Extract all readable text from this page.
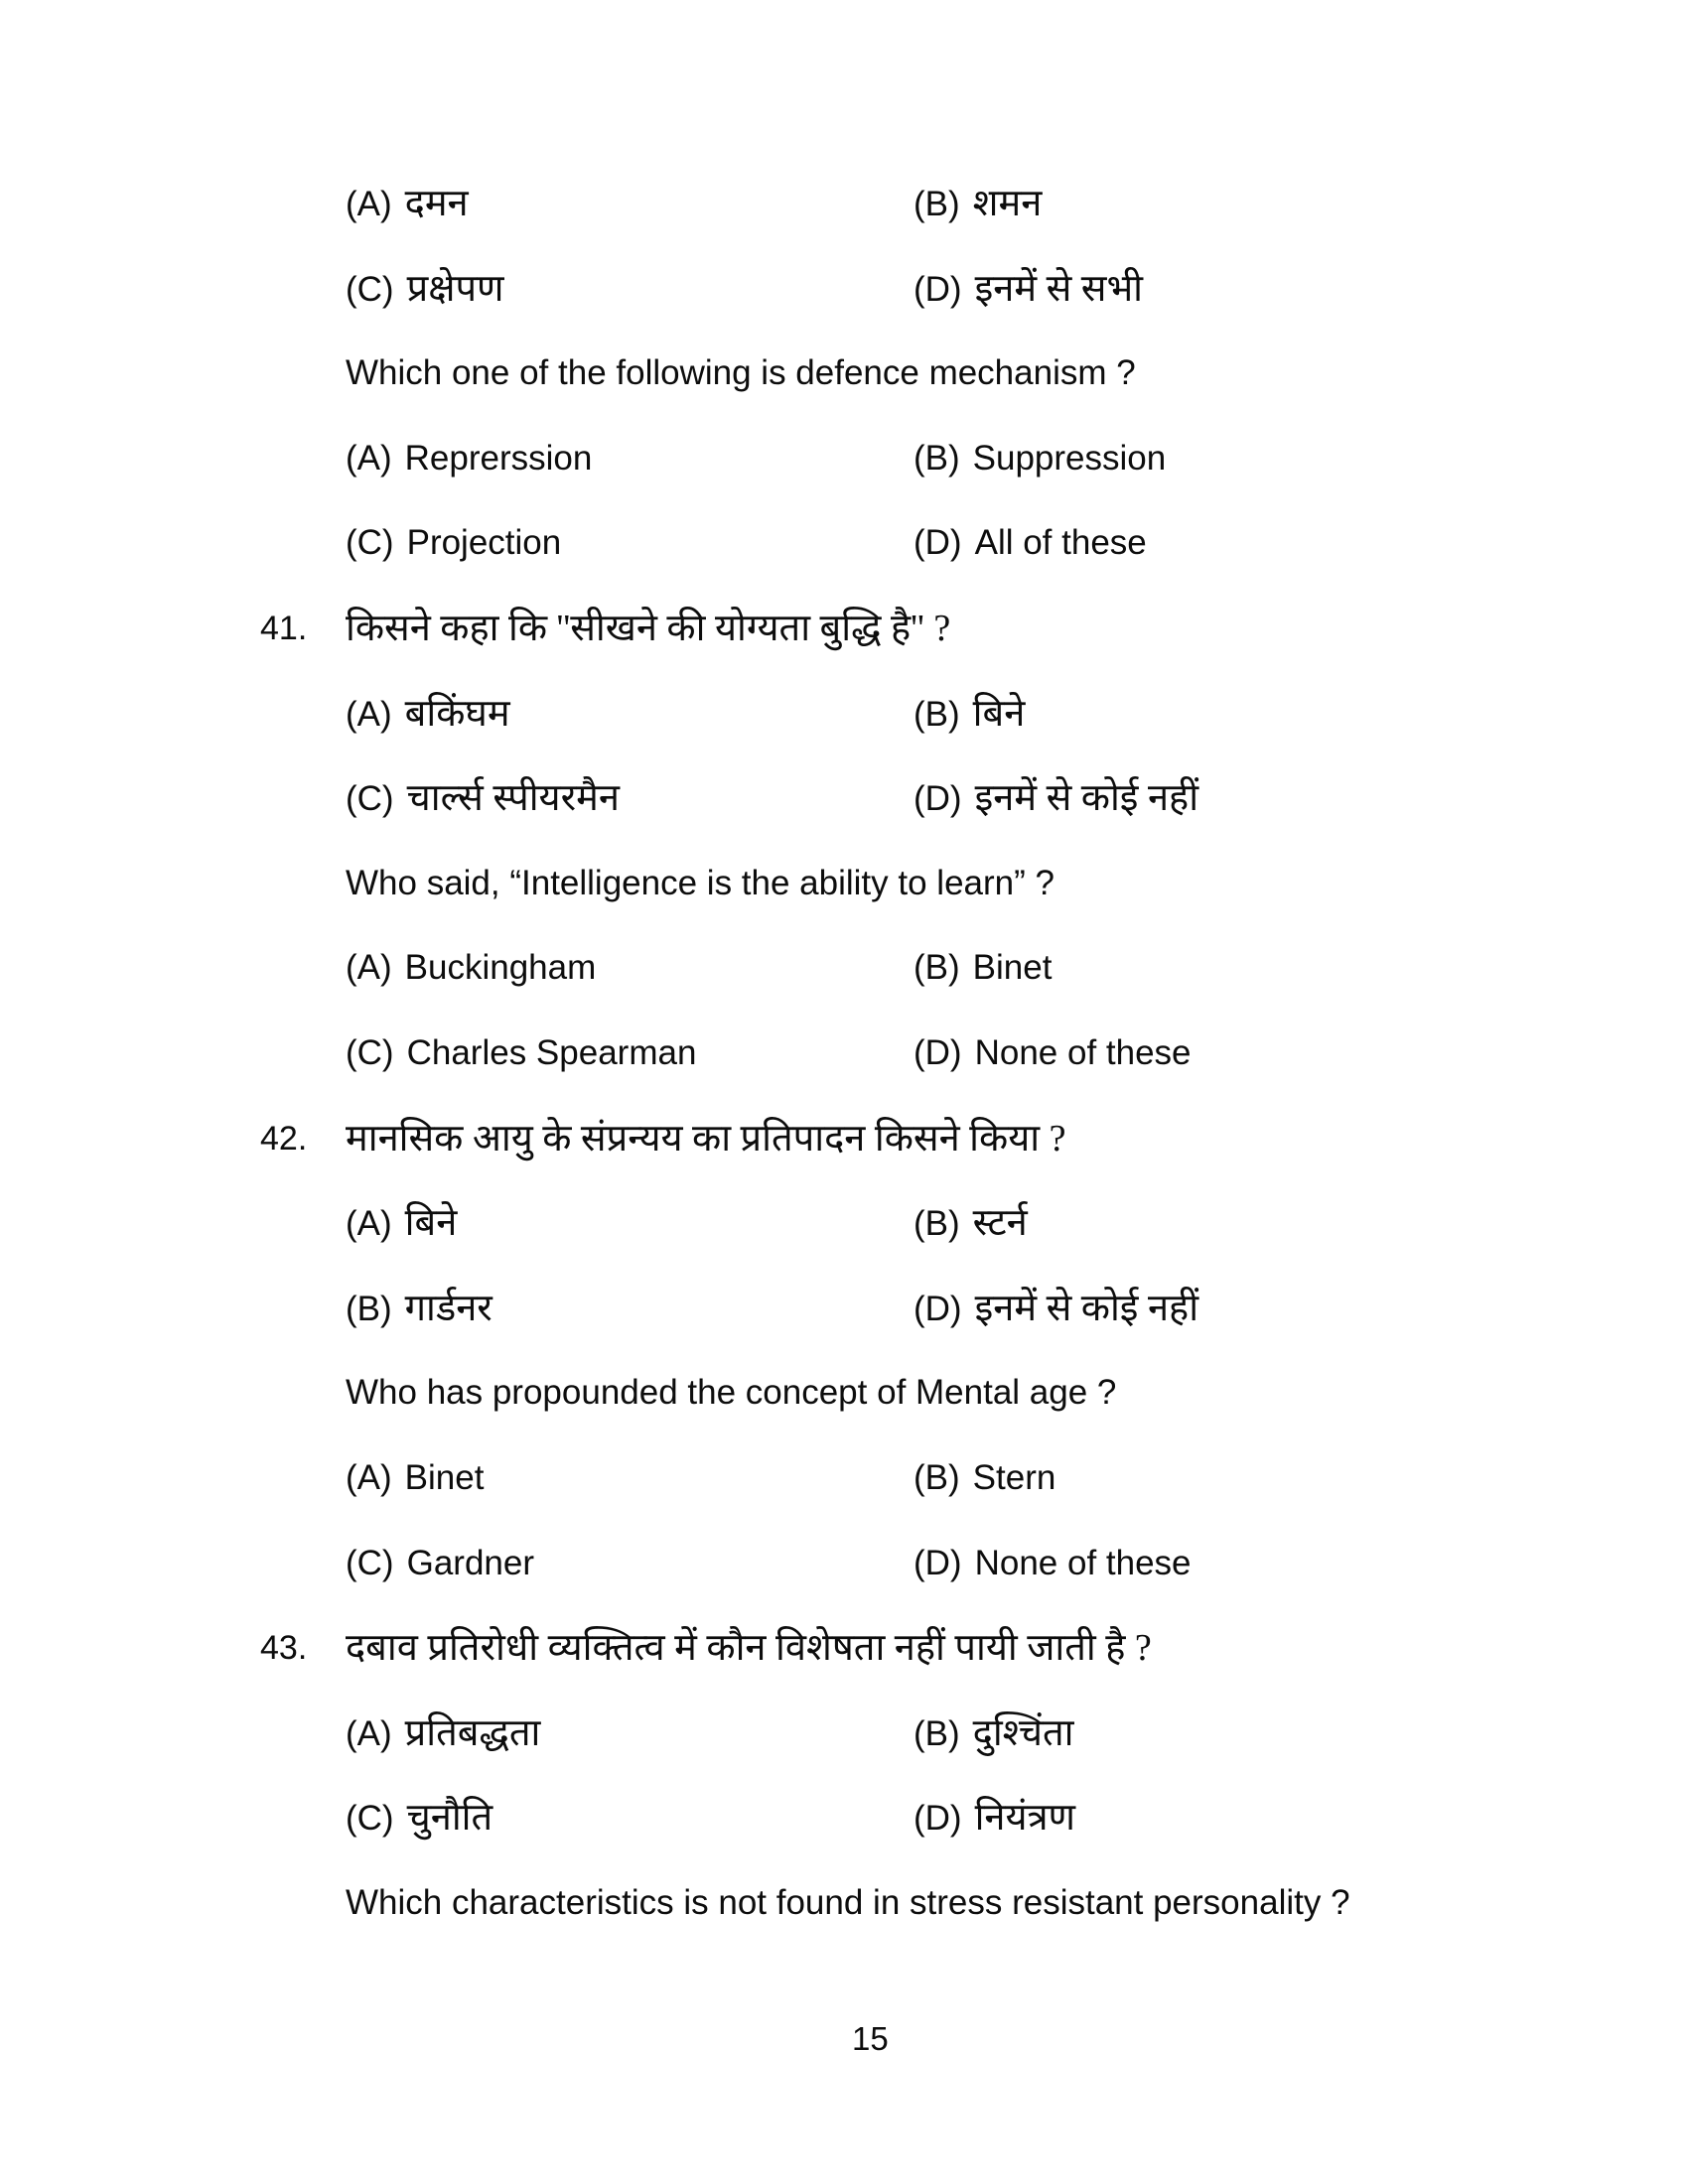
(A) दमन	(B) शमन
(C) प्रक्षेपण	(D) इनमें से सभी
Which one of the following is defence mechanism ?
(A) Reprerssion	(B) Suppression
(C) Projection	(D) All of these
41. किसने कहा कि ''सीखने की योग्यता बुद्धि है'' ?
(A) बकिंघम	(B) बिने
(C) चार्ल्स स्पीयरमैन	(D) इनमें से कोई नहीं
Who said, “Intelligence is the ability to learn” ?
(A) Buckingham	(B) Binet
(C) Charles Spearman	(D) None of these
42. मानसिक आयु के संप्रन्यय का प्रतिपादन किसने किया ?
(A) बिने	(B) स्टर्न
(B) गार्डनर	(D) इनमें से कोई नहीं
Who has propounded the concept of Mental age ?
(A) Binet	(B) Stern
(C) Gardner	(D) None of these
43. दबाव प्रतिरोधी व्यक्तित्व में कौन विशेषता नहीं पायी जाती है ?
(A) प्रतिबद्धता	(B) दुश्चिंता
(C) चुनौति	(D) नियंत्रण
Which characteristics is not found in stress resistant personality ?
15
